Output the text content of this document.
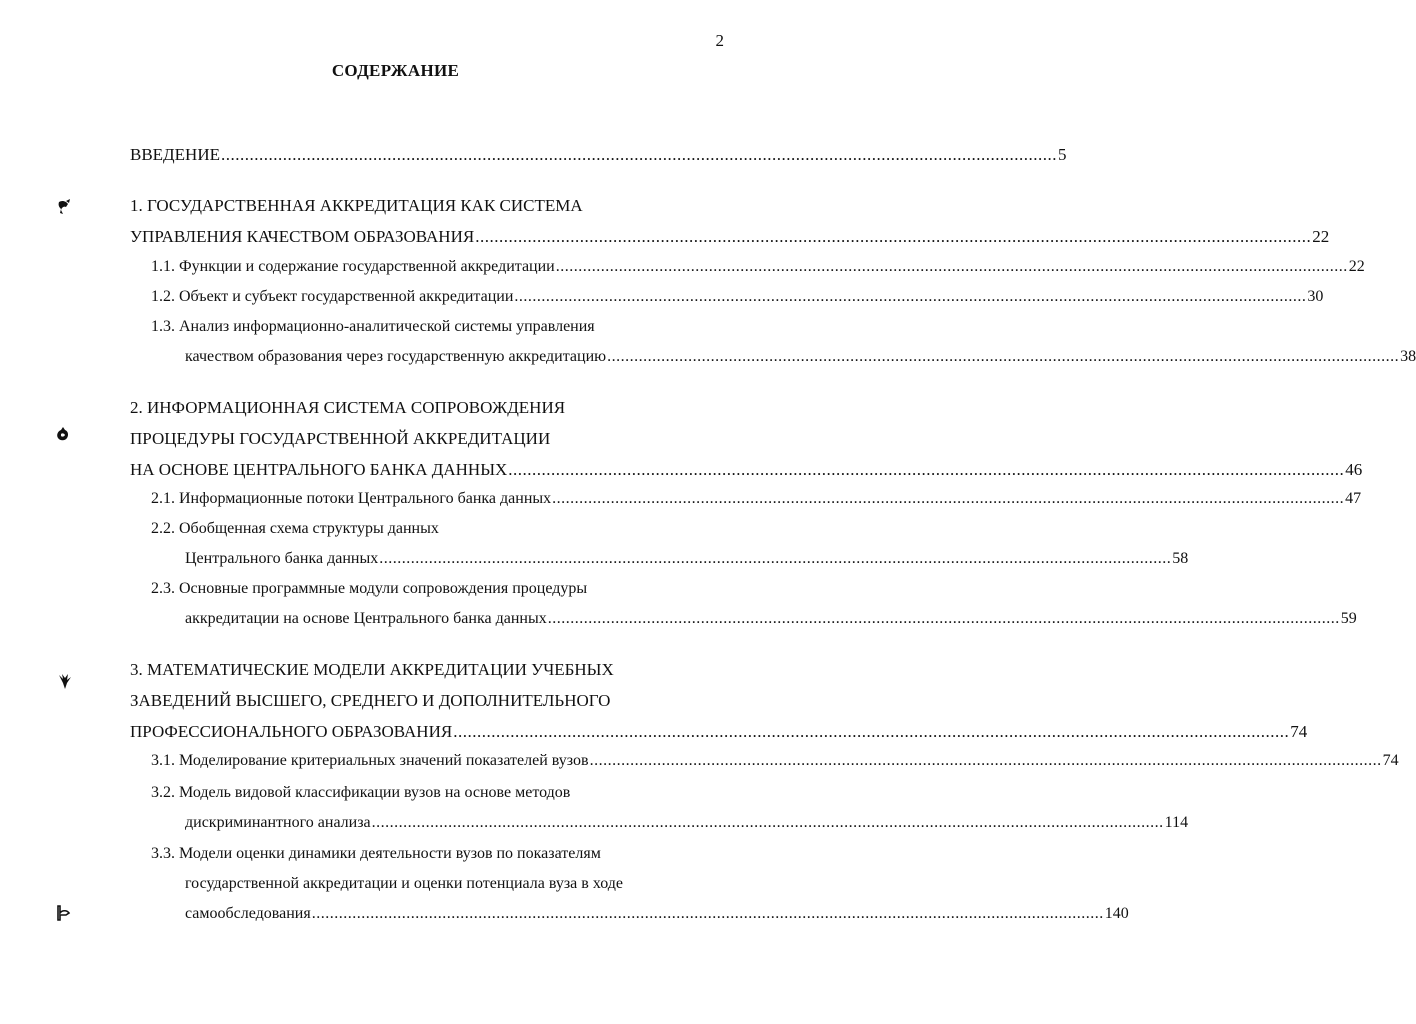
2
СОДЕРЖАНИЕ
ВВЕДЕНИЕ ................................................................................................................................................................................ 5
1. ГОСУДАРСТВЕННАЯ АККРЕДИТАЦИЯ КАК СИСТЕМА
УПРАВЛЕНИЯ КАЧЕСТВОМ ОБРАЗОВАНИЯ ................................................................................................................................................................................ 22
1.1. Функции и содержание государственной аккредитации ................................................................................................................................................................................ 22
1.2. Объект и субъект государственной аккредитации ................................................................................................................................................................................ 30
1.3. Анализ информационно-аналитической системы управления
качеством образования через государственную аккредитацию ................................................................................................................................................................................ 38
2. ИНФОРМАЦИОННАЯ СИСТЕМА СОПРОВОЖДЕНИЯ
ПРОЦЕДУРЫ ГОСУДАРСТВЕННОЙ АККРЕДИТАЦИИ
НА ОСНОВЕ ЦЕНТРАЛЬНОГО БАНКА ДАННЫХ ................................................................................................................................................................................ 46
2.1. Информационные потоки Центрального банка данных ................................................................................................................................................................................ 47
2.2. Обобщенная схема структуры данных
Центрального банка данных ................................................................................................................................................................................ 58
2.3. Основные программные модули сопровождения процедуры
аккредитации на основе Центрального банка данных ................................................................................................................................................................................ 59
3. МАТЕМАТИЧЕСКИЕ МОДЕЛИ АККРЕДИТАЦИИ УЧЕБНЫХ
ЗАВЕДЕНИЙ ВЫСШЕГО, СРЕДНЕГО И ДОПОЛНИТЕЛЬНОГО
ПРОФЕССИОНАЛЬНОГО ОБРАЗОВАНИЯ ................................................................................................................................................................................ 74
3.1. Моделирование критериальных значений показателей вузов ................................................................................................................................................................................ 74
3.2. Модель видовой классификации вузов на основе методов
дискриминантного анализа ................................................................................................................................................................................ 114
3.3. Модели оценки динамики деятельности вузов по показателям
государственной аккредитации и оценки потенциала вуза в ходе
самообследования ................................................................................................................................................................................ 140
